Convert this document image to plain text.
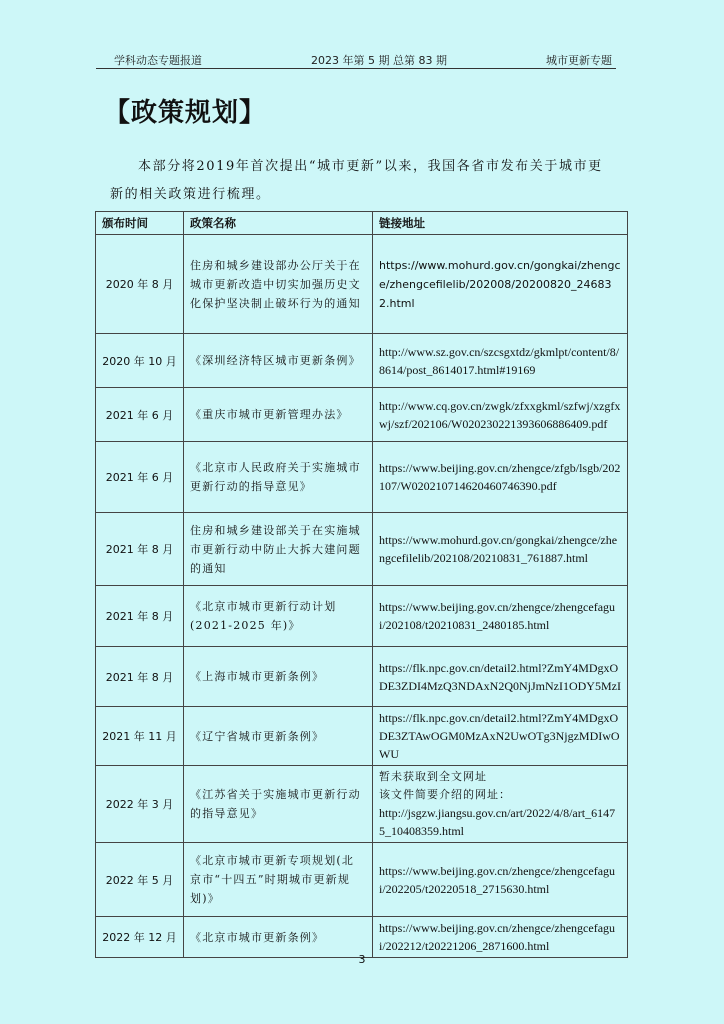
学科动态专题报道	2023 年第 5 期 总第 83 期	城市更新专题
【政策规划】

本部分将2019年首次提出“城市更新”以来，我国各省市发布关于城市更新的相关政策进行梳理。

颁布时间	政策名称	链接地址
2020 年 8 月	住房和城乡建设部办公厅关于在城市更新改造中切实加强历史文化保护坚决制止破坏行为的通知	https://www.mohurd.gov.cn/gongkai/zhengce/zhengcefilelib/202008/20200820_246832.html
2020 年 10 月	《深圳经济特区城市更新条例》	http://www.sz.gov.cn/szcsgxtdz/gkmlpt/content/8/8614/post_8614017.html#19169
2021 年 6 月	《重庆市城市更新管理办法》	http://www.cq.gov.cn/zwgk/zfxxgkml/szfwj/xzgfxwj/szf/202106/W020230221393606886409.pdf
2021 年 6 月	《北京市人民政府关于实施城市更新行动的指导意见》	https://www.beijing.gov.cn/zhengce/zfgb/lsgb/202107/W020210714620460746390.pdf
2021 年 8 月	住房和城乡建设部关于在实施城市更新行动中防止大拆大建问题的通知	https://www.mohurd.gov.cn/gongkai/zhengce/zhengcefilelib/202108/20210831_761887.html
2021 年 8 月	《北京市城市更新行动计划(2021-2025 年)》	https://www.beijing.gov.cn/zhengce/zhengcefagui/202108/t20210831_2480185.html
2021 年 8 月	《上海市城市更新条例》	https://flk.npc.gov.cn/detail2.html?ZmY4MDgxODE3ZDI4MzQ3NDAxN2Q0NjJmNzI1ODY5MzI
2021 年 11 月	《辽宁省城市更新条例》	https://flk.npc.gov.cn/detail2.html?ZmY4MDgxODE3ZTAwOGM0MzAxN2UwOTg3NjgzMDIwOWU
2022 年 3 月	《江苏省关于实施城市更新行动的指导意见》	暂未获取到全文网址
该文件简要介绍的网址：
http://jsgzw.jiangsu.gov.cn/art/2022/4/8/art_61475_10408359.html

2022 年 5 月	《北京市城市更新专项规划(北京市“十四五”时期城市更新规划)》	https://www.beijing.gov.cn/zhengce/zhengcefagui/202205/t20220518_2715630.html
2022 年 12 月	《北京市城市更新条例》	https://www.beijing.gov.cn/zhengce/zhengcefagui/202212/t20221206_2871600.html
3
